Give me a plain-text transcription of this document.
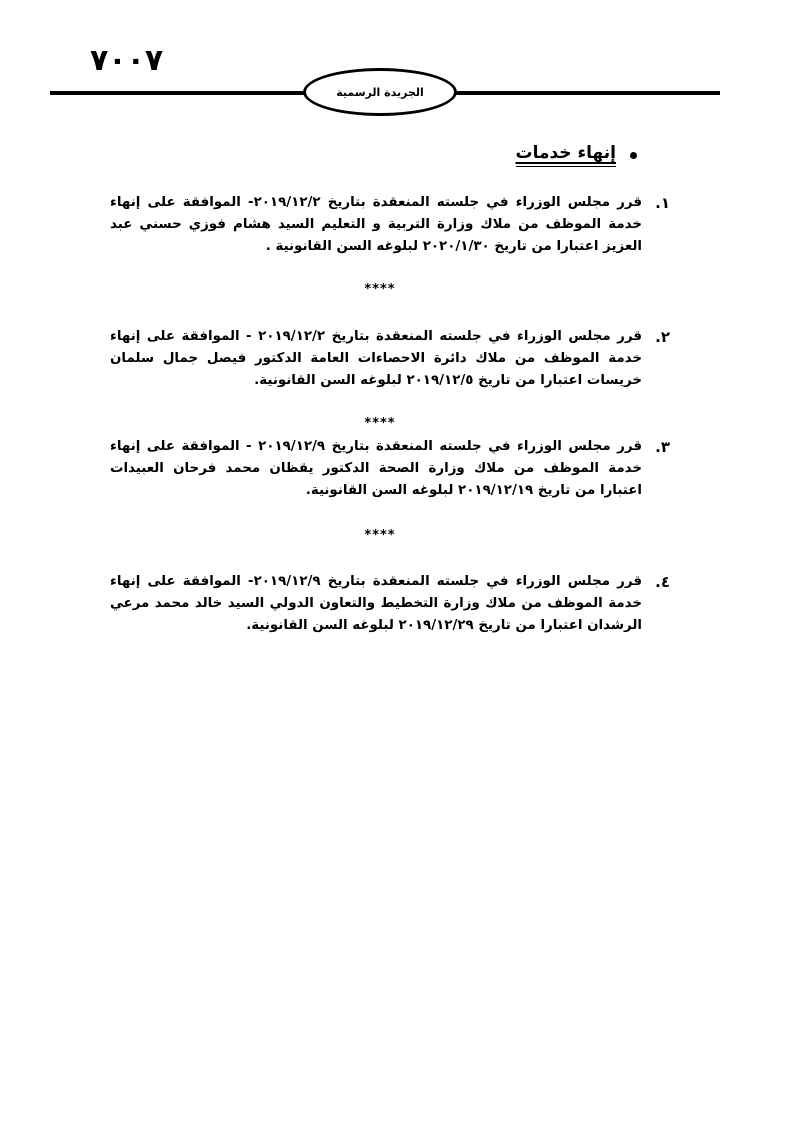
٧٠٠٧
الجريدة الرسمية
إنهاء خدمات
١.
قرر مجلس الوزراء في جلسته المنعقدة بتاريخ ٢٠١٩/١٢/٢- الموافقة على إنهاء خدمة الموظف من ملاك وزارة التربية و التعليم السيد هشام فوزي حسني عبد العزيز اعتبارا من تاريخ ٢٠٢٠/١/٣٠ لبلوغه السن القانونية .
****
٢.
قرر مجلس الوزراء في جلسته المنعقدة بتاريخ ٢٠١٩/١٢/٢ - الموافقة على إنهاء خدمة الموظف من ملاك دائرة الاحصاءات العامة الدكتور فيصل جمال سلمان خريسات اعتبارا من تاريخ ٢٠١٩/١٢/٥ لبلوغه السن القانونية.
****
٣.
قرر مجلس الوزراء في جلسته المنعقدة بتاريخ ٢٠١٩/١٢/٩ - الموافقة على إنهاء خدمة الموظف من ملاك وزارة الصحة الدكتور يقظان محمد فرحان العبيدات اعتبارا من تاريخ ٢٠١٩/١٢/١٩ لبلوغه السن القانونية.
****
٤.
قرر مجلس الوزراء في جلسته المنعقدة بتاريخ ٢٠١٩/١٢/٩- الموافقة على إنهاء خدمة الموظف من ملاك وزارة التخطيط والتعاون الدولي السيد خالد محمد مرعي الرشدان اعتبارا من تاريخ ٢٠١٩/١٢/٢٩ لبلوغه السن القانونية.
